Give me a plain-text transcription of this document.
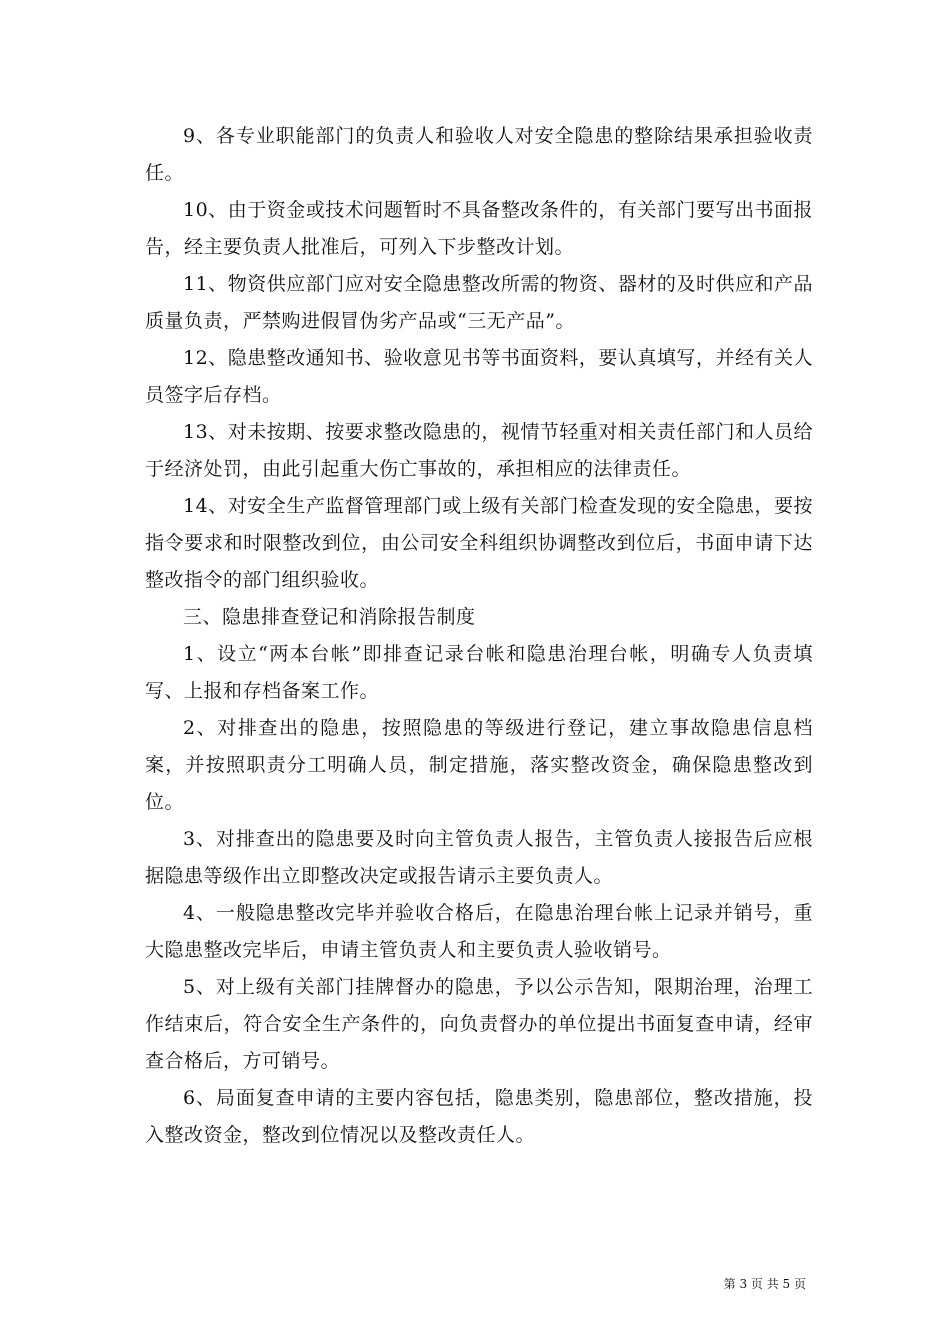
9、各专业职能部门的负责人和验收人对安全隐患的整除结果承担验收责任。

10、由于资金或技术问题暂时不具备整改条件的，有关部门要写出书面报告，经主要负责人批准后，可列入下步整改计划。

11、物资供应部门应对安全隐患整改所需的物资、器材的及时供应和产品质量负责，严禁购进假冒伪劣产品或“三无产品”。

12、隐患整改通知书、验收意见书等书面资料，要认真填写，并经有关人员签字后存档。

13、对未按期、按要求整改隐患的，视情节轻重对相关责任部门和人员给于经济处罚，由此引起重大伤亡事故的，承担相应的法律责任。

14、对安全生产监督管理部门或上级有关部门检查发现的安全隐患，要按指令要求和时限整改到位，由公司安全科组织协调整改到位后，书面申请下达整改指令的部门组织验收。

三、隐患排查登记和消除报告制度

1、设立“两本台帐”即排查记录台帐和隐患治理台帐，明确专人负责填写、上报和存档备案工作。

2、对排查出的隐患，按照隐患的等级进行登记，建立事故隐患信息档案，并按照职责分工明确人员，制定措施，落实整改资金，确保隐患整改到位。

3、对排查出的隐患要及时向主管负责人报告，主管负责人接报告后应根据隐患等级作出立即整改决定或报告请示主要负责人。

4、一般隐患整改完毕并验收合格后，在隐患治理台帐上记录并销号，重大隐患整改完毕后，申请主管负责人和主要负责人验收销号。

5、对上级有关部门挂牌督办的隐患，予以公示告知，限期治理，治理工作结束后，符合安全生产条件的，向负责督办的单位提出书面复查申请，经审查合格后，方可销号。

6、局面复查申请的主要内容包括，隐患类别，隐患部位，整改措施，投入整改资金，整改到位情况以及整改责任人。

第 3 页 共 5 页
